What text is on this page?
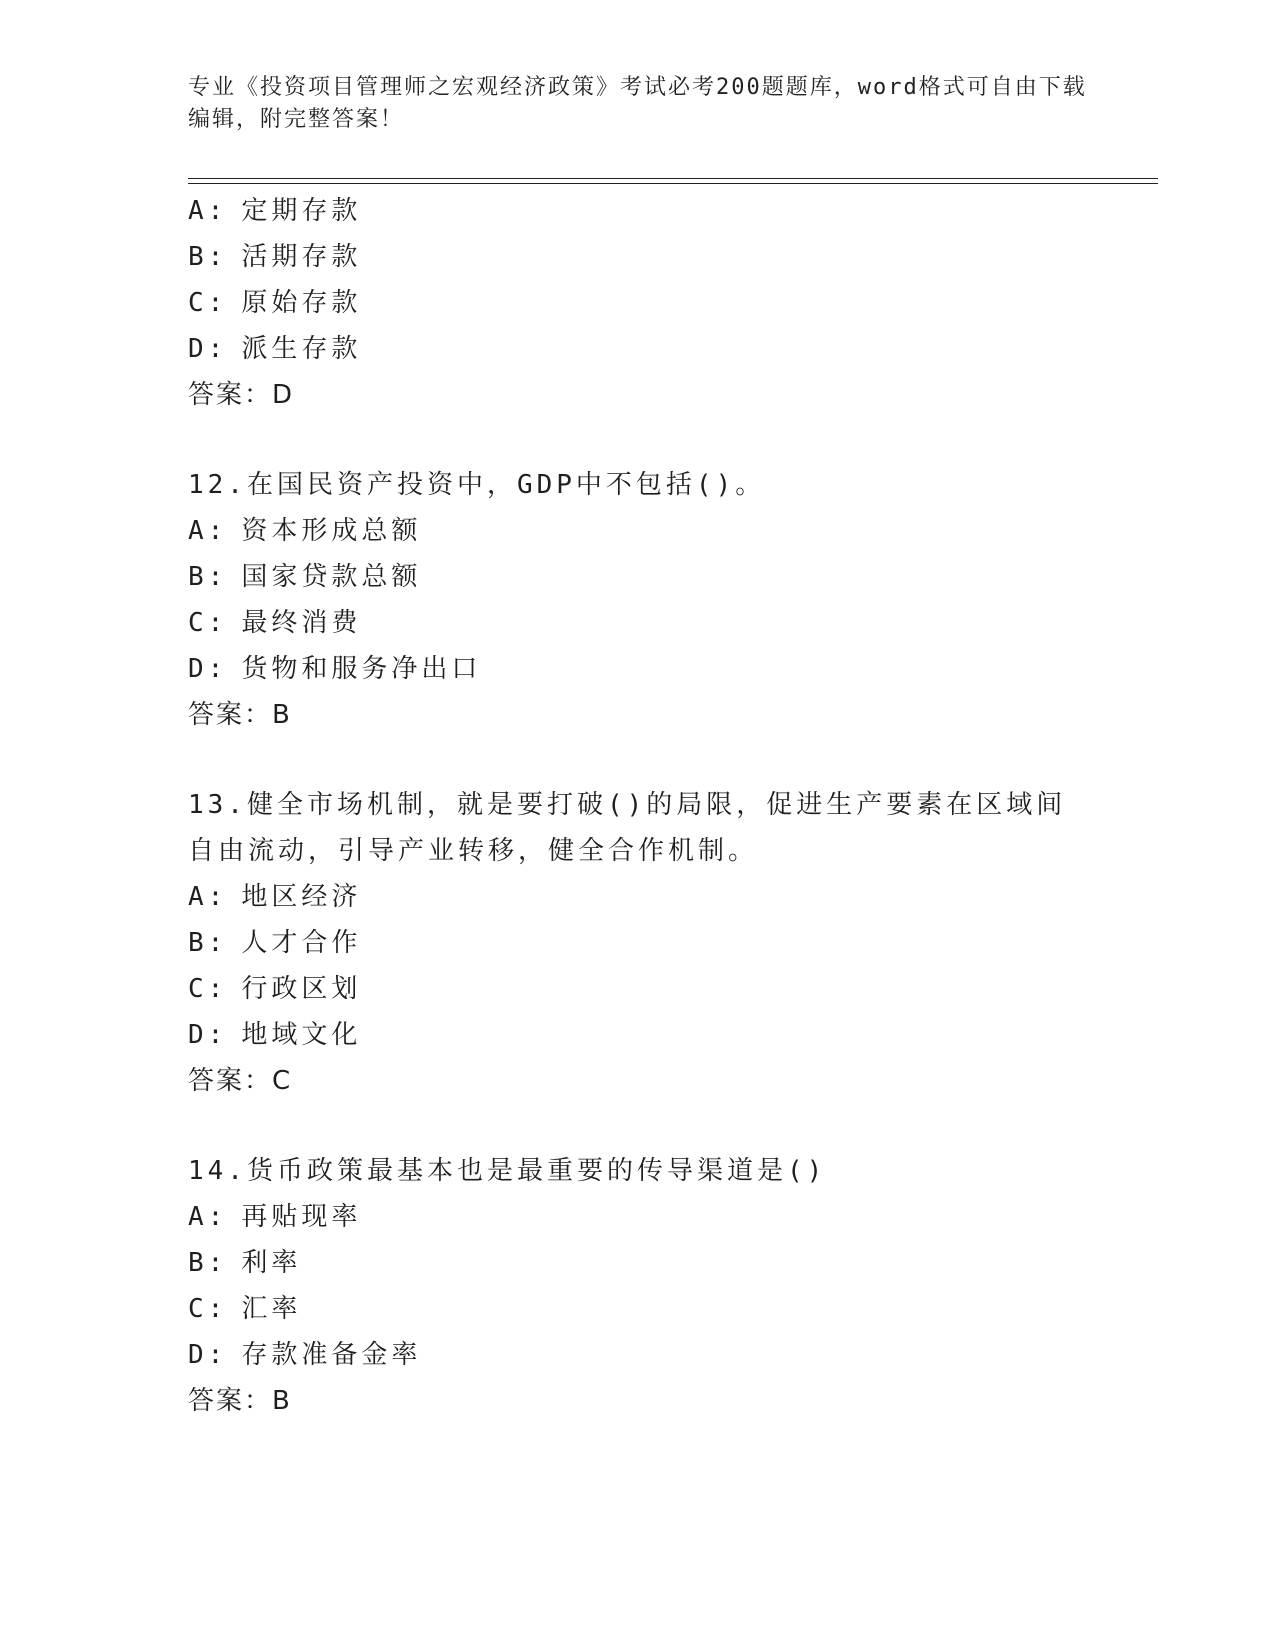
专业《投资项目管理师之宏观经济政策》考试必考200题题库，word格式可自由下载编辑，附完整答案！
A: 定期存款
B: 活期存款
C: 原始存款
D: 派生存款
答案：D
12.在国民资产投资中，GDP中不包括()。
A: 资本形成总额
B: 国家贷款总额
C: 最终消费
D: 货物和服务净出口
答案：B
13.健全市场机制，就是要打破()的局限，促进生产要素在区域间自由流动，引导产业转移，健全合作机制。
A: 地区经济
B: 人才合作
C: 行政区划
D: 地域文化
答案：C
14.货币政策最基本也是最重要的传导渠道是()
A: 再贴现率
B: 利率
C: 汇率
D: 存款准备金率
答案：B
